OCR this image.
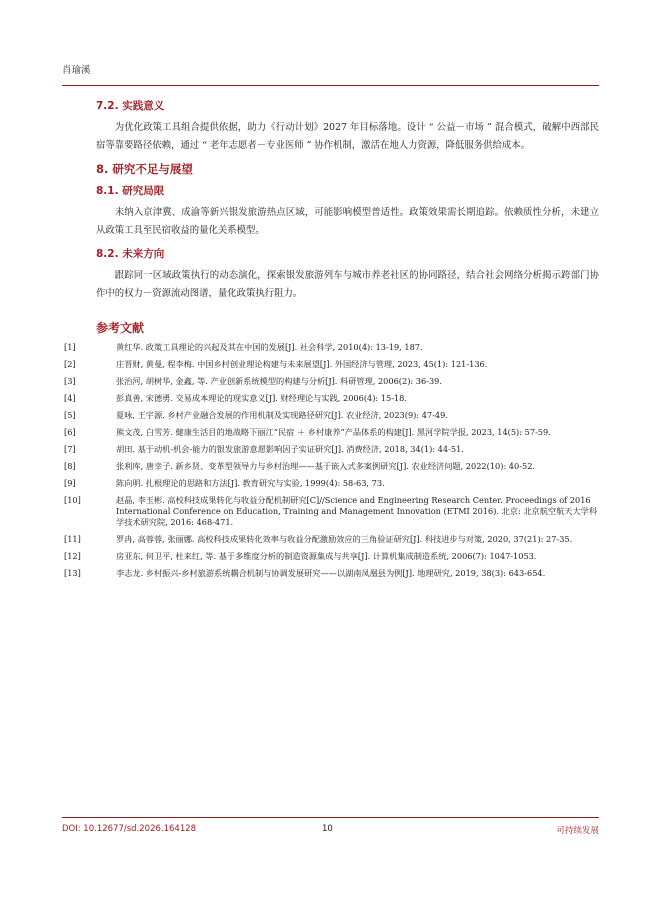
肖瑜溪
7.2. 实践意义

为优化政策工具组合提供依据，助力《行动计划》2027 年目标落地。设计 “ 公益－市场 ” 混合模式，破解中西部民宿等靠要路径依赖，通过 “ 老年志愿者－专业医师 ” 协作机制，激活在地人力资源，降低服务供给成本。

8. 研究不足与展望
8.1. 研究局限

未纳入京津冀、成渝等新兴银发旅游热点区域，可能影响模型普适性。政策效果需长期追踪。依赖质性分析，未建立从政策工具至民宿收益的量化关系模型。

8.2. 未来方向

跟踪同一区域政策执行的动态演化，探索银发旅游列车与城市养老社区的协同路径，结合社会网络分析揭示跨部门协作中的权力－资源流动图谱，量化政策执行阻力。

参考文献
[1]	黄红华. 政策工具理论的兴起及其在中国的发展[J]. 社会科学, 2010(4): 13-19, 187.
[2]	庄晋财, 黄曼, 程李梅. 中国乡村创业理论构建与未来展望[J]. 外国经济与管理, 2023, 45(1): 121-136.
[3]	张治河, 胡树华, 金鑫, 等. 产业创新系统模型的构建与分析[J]. 科研管理, 2006(2): 36-39.
[4]	彭真善, 宋德勇. 交易成本理论的现实意义[J]. 财经理论与实践, 2006(4): 15-18.
[5]	夏咏, 王宇源. 乡村产业融合发展的作用机制及实现路径研究[J]. 农业经济, 2023(9): 47-49.
[6]	熊文茂, 白雪芳. 健康生活目的地战略下丽江“民宿 ＋ 乡村康养”产品体系的构建[J]. 黑河学院学报, 2023, 14(5): 57-59.
[7]	胡田. 基于动机-机会-能力的银发旅游意愿影响因子实证研究[J]. 消费经济, 2018, 34(1): 44-51.
[8]	张利库, 唐幸子. 新乡贤、变革型领导力与乡村治理——基于嵌入式多案例研究[J]. 农业经济问题, 2022(10): 40-52.
[9]	陈向明. 扎根理论的思路和方法[J]. 教育研究与实验, 1999(4): 58-63, 73.
[10]	赵晶, 李玉彬. 高校科技成果转化与收益分配机制研究[C]//Science and Engineering Research Center. Proceedings of 2016 International Conference on Education, Training and Management Innovation (ETMI 2016). 北京: 北京航空航天大学科学技术研究院, 2016: 468-471.
[11]	罗冉, 高蓉蓉, 张丽娜. 高校科技成果转化效率与收益分配激励效应的三角验证研究[J]. 科技进步与对策, 2020, 37(21): 27-35.
[12]	房亚东, 何卫平, 杜来红, 等. 基于多维度分析的制造资源集成与共享[J]. 计算机集成制造系统, 2006(7): 1047-1053.
[13]	李志龙. 乡村振兴-乡村旅游系统耦合机制与协调发展研究——以湖南凤凰县为例[J]. 地理研究, 2019, 38(3): 643-654.
DOI: 10.12677/sd.2026.164128	10	可持续发展
